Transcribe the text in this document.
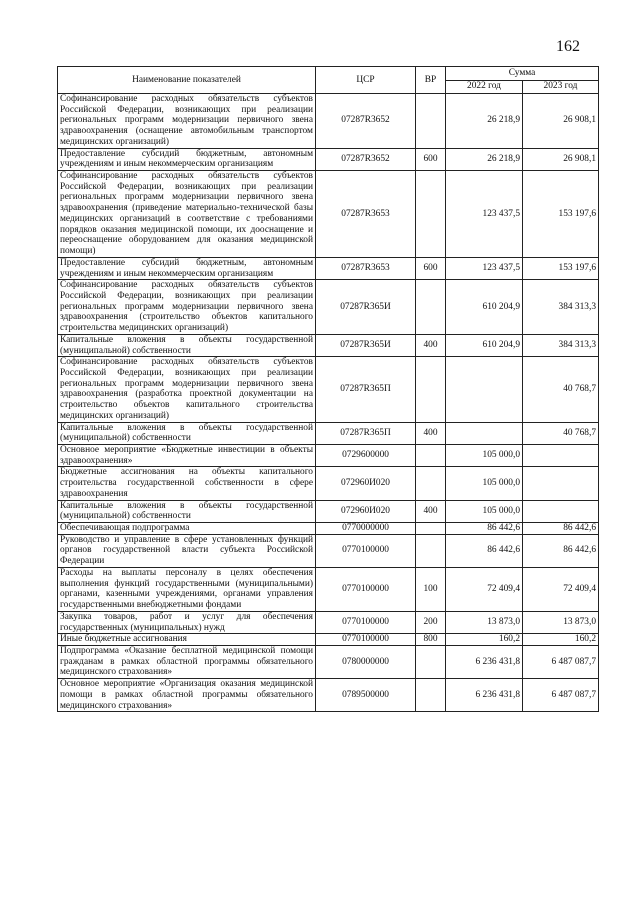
162
Наименование показателей	ЦСР	ВР	Сумма	
			2022 год	2023 год
Софинансирование расходных обязательств субъектов Российской Федерации, возникающих при реализации региональных программ модернизации первичного звена здравоохранения (оснащение автомобильным транспортом медицинских организаций)	07287R3652		26 218,9	26 908,1
Предоставление субсидий бюджетным, автономным учреждениям и иным некоммерческим организациям	07287R3652	600	26 218,9	26 908,1
Софинансирование расходных обязательств субъектов Российской Федерации, возникающих при реализации региональных программ модернизации первичного звена здравоохранения (приведение материально-технической базы медицинских организаций в соответствие с требованиями порядков оказания медицинской помощи, их дооснащение и переоснащение оборудованием для оказания медицинской помощи)	07287R3653		123 437,5	153 197,6
Предоставление субсидий бюджетным, автономным учреждениям и иным некоммерческим организациям	07287R3653	600	123 437,5	153 197,6
Софинансирование расходных обязательств субъектов Российской Федерации, возникающих при реализации региональных программ модернизации первичного звена здравоохранения (строительство объектов капитального строительства медицинских организаций)	07287R365И		610 204,9	384 313,3
Капитальные вложения в объекты государственной (муниципальной) собственности	07287R365И	400	610 204,9	384 313,3
Софинансирование расходных обязательств субъектов Российской Федерации, возникающих при реализации региональных программ модернизации первичного звена здравоохранения (разработка проектной документации на строительство объектов капитального строительства медицинских организаций)	07287R365П			40 768,7
Капитальные вложения в объекты государственной (муниципальной) собственности	07287R365П	400		40 768,7
Основное мероприятие «Бюджетные инвестиции в объекты здравоохранения»	0729600000		105 000,0	
Бюджетные ассигнования на объекты капитального строительства государственной собственности в сфере здравоохранения	072960И020		105 000,0	
Капитальные вложения в объекты государственной (муниципальной) собственности	072960И020	400	105 000,0	
Обеспечивающая подпрограмма	0770000000		86 442,6	86 442,6
Руководство и управление в сфере установленных функций органов государственной власти субъекта Российской Федерации	0770100000		86 442,6	86 442,6
Расходы на выплаты персоналу в целях обеспечения выполнения функций государственными (муниципальными) органами, казенными учреждениями, органами управления государственными внебюджетными фондами	0770100000	100	72 409,4	72 409,4
Закупка товаров, работ и услуг для обеспечения государственных (муниципальных) нужд	0770100000	200	13 873,0	13 873,0
Иные бюджетные ассигнования	0770100000	800	160,2	160,2
Подпрограмма «Оказание бесплатной медицинской помощи гражданам в рамках областной программы обязательного медицинского страхования»	0780000000		6 236 431,8	6 487 087,7
Основное мероприятие «Организация оказания медицинской помощи в рамках областной программы обязательного медицинского страхования»	0789500000		6 236 431,8	6 487 087,7
